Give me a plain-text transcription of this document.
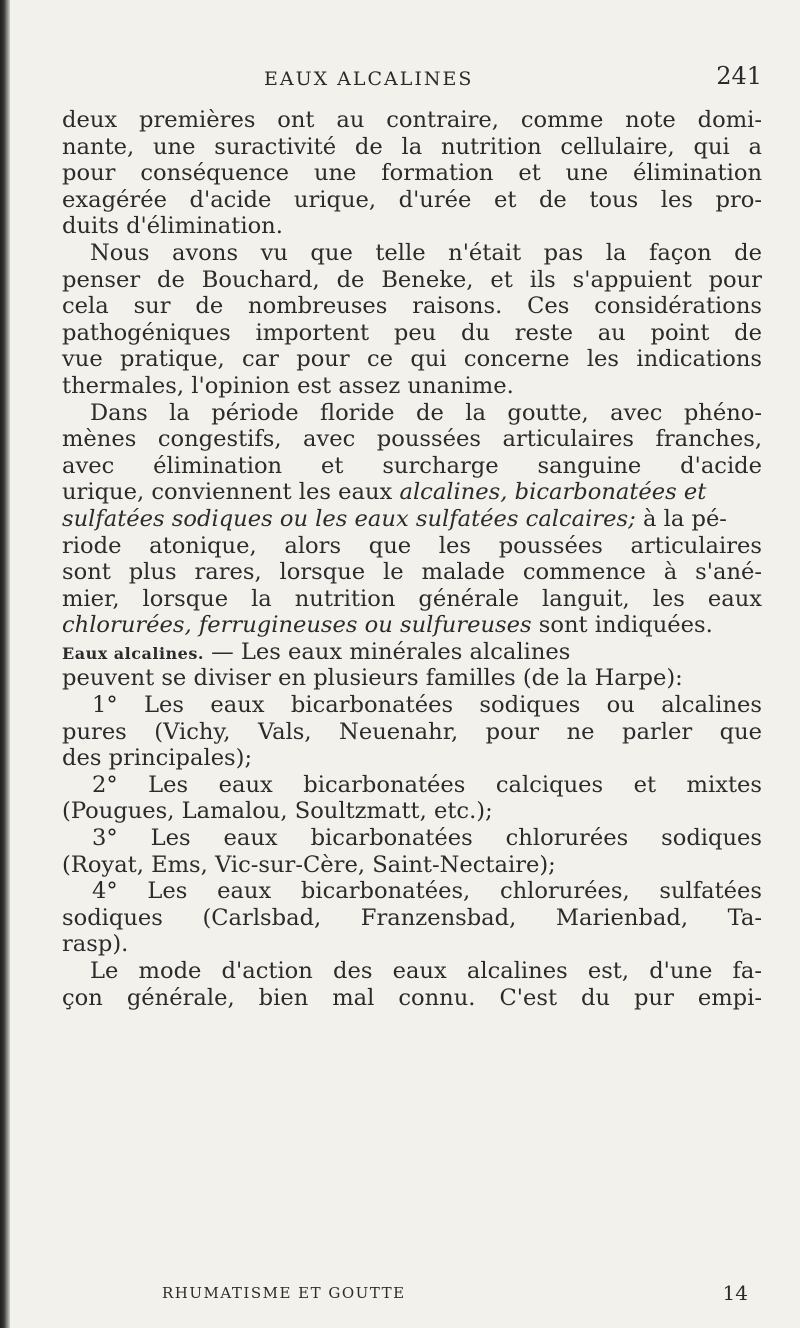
EAUX ALCALINES	241
deux premières ont au contraire, comme note domi-
nante, une suractivité de la nutrition cellulaire, qui a
pour conséquence une formation et une élimination
exagérée d'acide urique, d'urée et de tous les pro-
duits d'élimination.
Nous avons vu que telle n'était pas la façon de
penser de Bouchard, de Beneke, et ils s'appuient pour
cela sur de nombreuses raisons. Ces considérations
pathogéniques importent peu du reste au point de
vue pratique, car pour ce qui concerne les indications
thermales, l'opinion est assez unanime.
Dans la période floride de la goutte, avec phéno-
mènes congestifs, avec poussées articulaires franches,
avec élimination et surcharge sanguine d'acide
urique, conviennent les eaux alcalines, bicarbonatées et
sulfatées sodiques ou les eaux sulfatées calcaires; à la pé-
riode atonique, alors que les poussées articulaires
sont plus rares, lorsque le malade commence à s'ané-
mier, lorsque la nutrition générale languit, les eaux
chlorurées, ferrugineuses ou sulfureuses sont indiquées.
Eaux alcalines. — Les eaux minérales alcalines
peuvent se diviser en plusieurs familles (de la Harpe):
1° Les eaux bicarbonatées sodiques ou alcalines
pures (Vichy, Vals, Neuenahr, pour ne parler que
des principales);
2° Les eaux bicarbonatées calciques et mixtes
(Pougues, Lamalou, Soultzmatt, etc.);
3° Les eaux bicarbonatées chlorurées sodiques
(Royat, Ems, Vic-sur-Cère, Saint-Nectaire);
4° Les eaux bicarbonatées, chlorurées, sulfatées
sodiques (Carlsbad, Franzensbad, Marienbad, Ta-
rasp).
Le mode d'action des eaux alcalines est, d'une fa-
çon générale, bien mal connu. C'est du pur empi-
RHUMATISME ET GOUTTE	14
